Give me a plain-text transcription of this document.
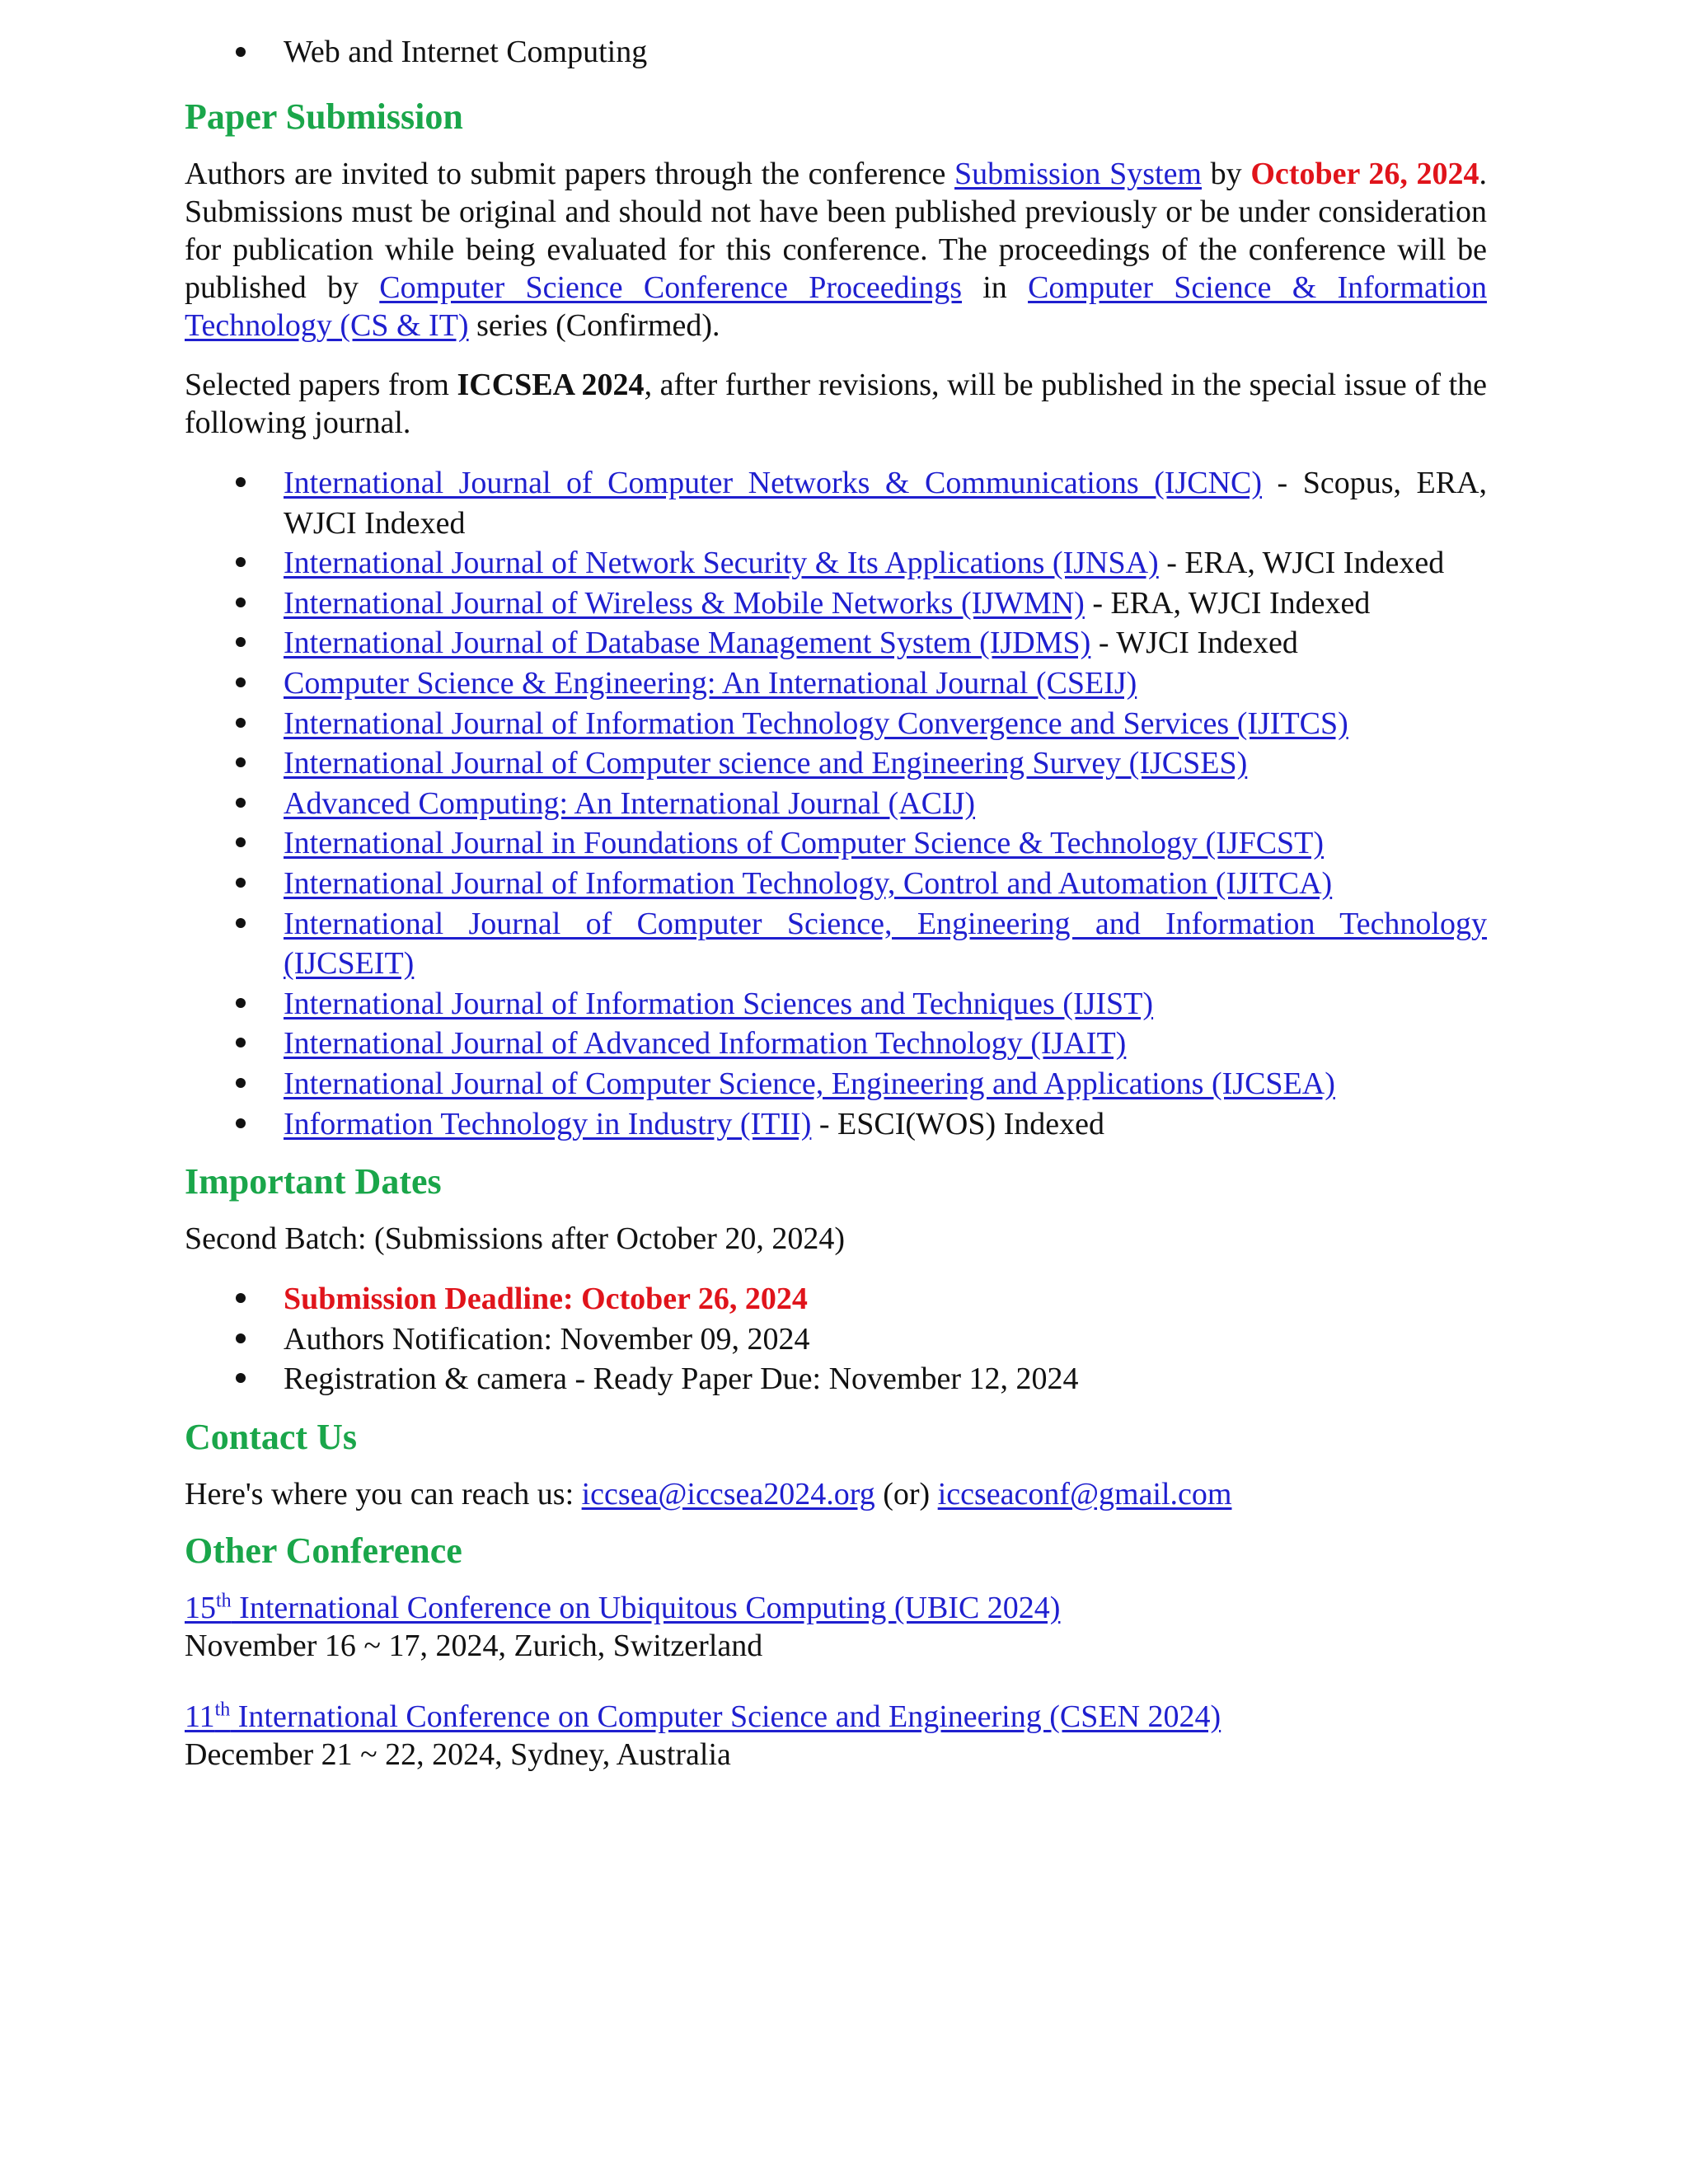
Web and Internet Computing
Paper Submission

Authors are invited to submit papers through the conference Submission System by October 26, 2024. Submissions must be original and should not have been published previously or be under consideration for publication while being evaluated for this conference. The proceedings of the conference will be published by Computer Science Conference Proceedings in Computer Science & Information Technology (CS & IT) series (Confirmed).

Selected papers from ICCSEA 2024, after further revisions, will be published in the special issue of the following journal.

International Journal of Computer Networks & Communications (IJCNC) - Scopus, ERA, WJCI Indexed
International Journal of Network Security & Its Applications (IJNSA) - ERA, WJCI Indexed
International Journal of Wireless & Mobile Networks (IJWMN) - ERA, WJCI Indexed
International Journal of Database Management System (IJDMS) - WJCI Indexed
Computer Science & Engineering: An International Journal (CSEIJ)
International Journal of Information Technology Convergence and Services (IJITCS)
International Journal of Computer science and Engineering Survey (IJCSES)
Advanced Computing: An International Journal (ACIJ)
International Journal in Foundations of Computer Science & Technology (IJFCST)
International Journal of Information Technology, Control and Automation (IJITCA)
International Journal of Computer Science, Engineering and Information Technology (IJCSEIT)
International Journal of Information Sciences and Techniques (IJIST)
International Journal of Advanced Information Technology (IJAIT)
International Journal of Computer Science, Engineering and Applications (IJCSEA)
Information Technology in Industry (ITII) - ESCI(WOS) Indexed
Important Dates

Second Batch: (Submissions after October 20, 2024)

Submission Deadline: October 26, 2024
Authors Notification: November 09, 2024
Registration & camera - Ready Paper Due: November 12, 2024
Contact Us

Here's where you can reach us: iccsea@iccsea2024.org (or) iccseaconf@gmail.com

Other Conference
15th International Conference on Ubiquitous Computing (UBIC 2024)
November 16 ~ 17, 2024, Zurich, Switzerland
11th International Conference on Computer Science and Engineering (CSEN 2024)
December 21 ~ 22, 2024, Sydney, Australia
